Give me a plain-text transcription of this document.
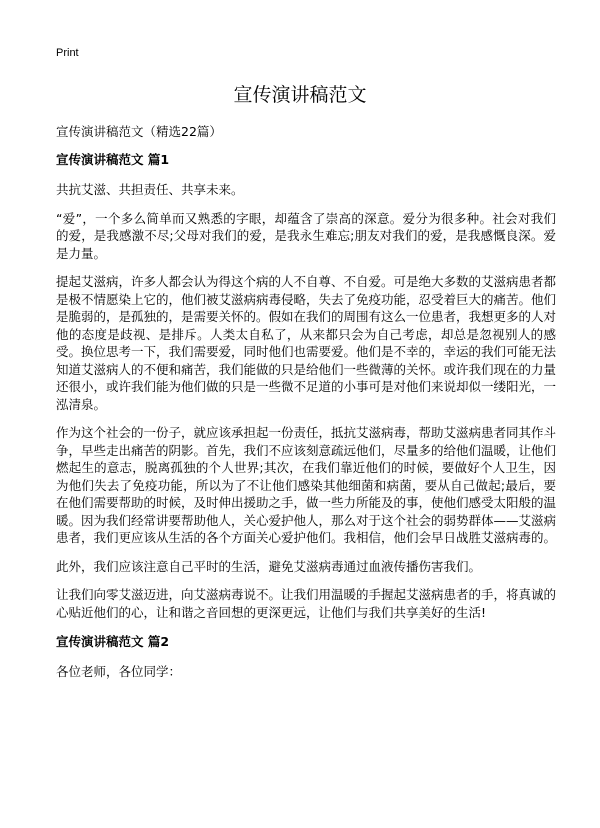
Print
宣传演讲稿范文
宣传演讲稿范文（精选22篇）
宣传演讲稿范文 篇1
共抗艾滋、共担责任、共享未来。
“爱”，一个多么简单而又熟悉的字眼，却蕴含了崇高的深意。爱分为很多种。社会对我们的爱，是我感激不尽;父母对我们的爱，是我永生难忘;朋友对我们的爱，是我感慨良深。爱是力量。
提起艾滋病，许多人都会认为得这个病的人不自尊、不自爱。可是绝大多数的艾滋病患者都是极不情愿染上它的，他们被艾滋病病毒侵略，失去了免疫功能，忍受着巨大的痛苦。他们是脆弱的，是孤独的，是需要关怀的。假如在我们的周围有这么一位患者，我想更多的人对他的态度是歧视、是排斥。人类太自私了，从来都只会为自己考虑，却总是忽视别人的感受。换位思考一下，我们需要爱，同时他们也需要爱。他们是不幸的，幸运的我们可能无法知道艾滋病人的不便和痛苦，我们能做的只是给他们一些微薄的关怀。或许我们现在的力量还很小，或许我们能为他们做的只是一些微不足道的小事可是对他们来说却似一缕阳光，一泓清泉。
作为这个社会的一份子，就应该承担起一份责任，抵抗艾滋病毒，帮助艾滋病患者同其作斗争，早些走出痛苦的阴影。首先，我们不应该刻意疏远他们，尽量多的给他们温暖，让他们燃起生的意志，脱离孤独的个人世界;其次，在我们靠近他们的时候，要做好个人卫生，因为他们失去了免疫功能，所以为了不让他们感染其他细菌和病菌，要从自己做起;最后，要在他们需要帮助的时候，及时伸出援助之手，做一些力所能及的事，使他们感受太阳般的温暖。因为我们经常讲要帮助他人，关心爱护他人，那么对于这个社会的弱势群体——艾滋病患者，我们更应该从生活的各个方面关心爱护他们。我相信，他们会早日战胜艾滋病毒的。
此外，我们应该注意自己平时的生活，避免艾滋病毒通过血液传播伤害我们。
让我们向零艾滋迈进，向艾滋病毒说不。让我们用温暖的手握起艾滋病患者的手，将真诚的心贴近他们的心，让和谐之音回想的更深更远，让他们与我们共享美好的生活!
宣传演讲稿范文 篇2
各位老师，各位同学：
